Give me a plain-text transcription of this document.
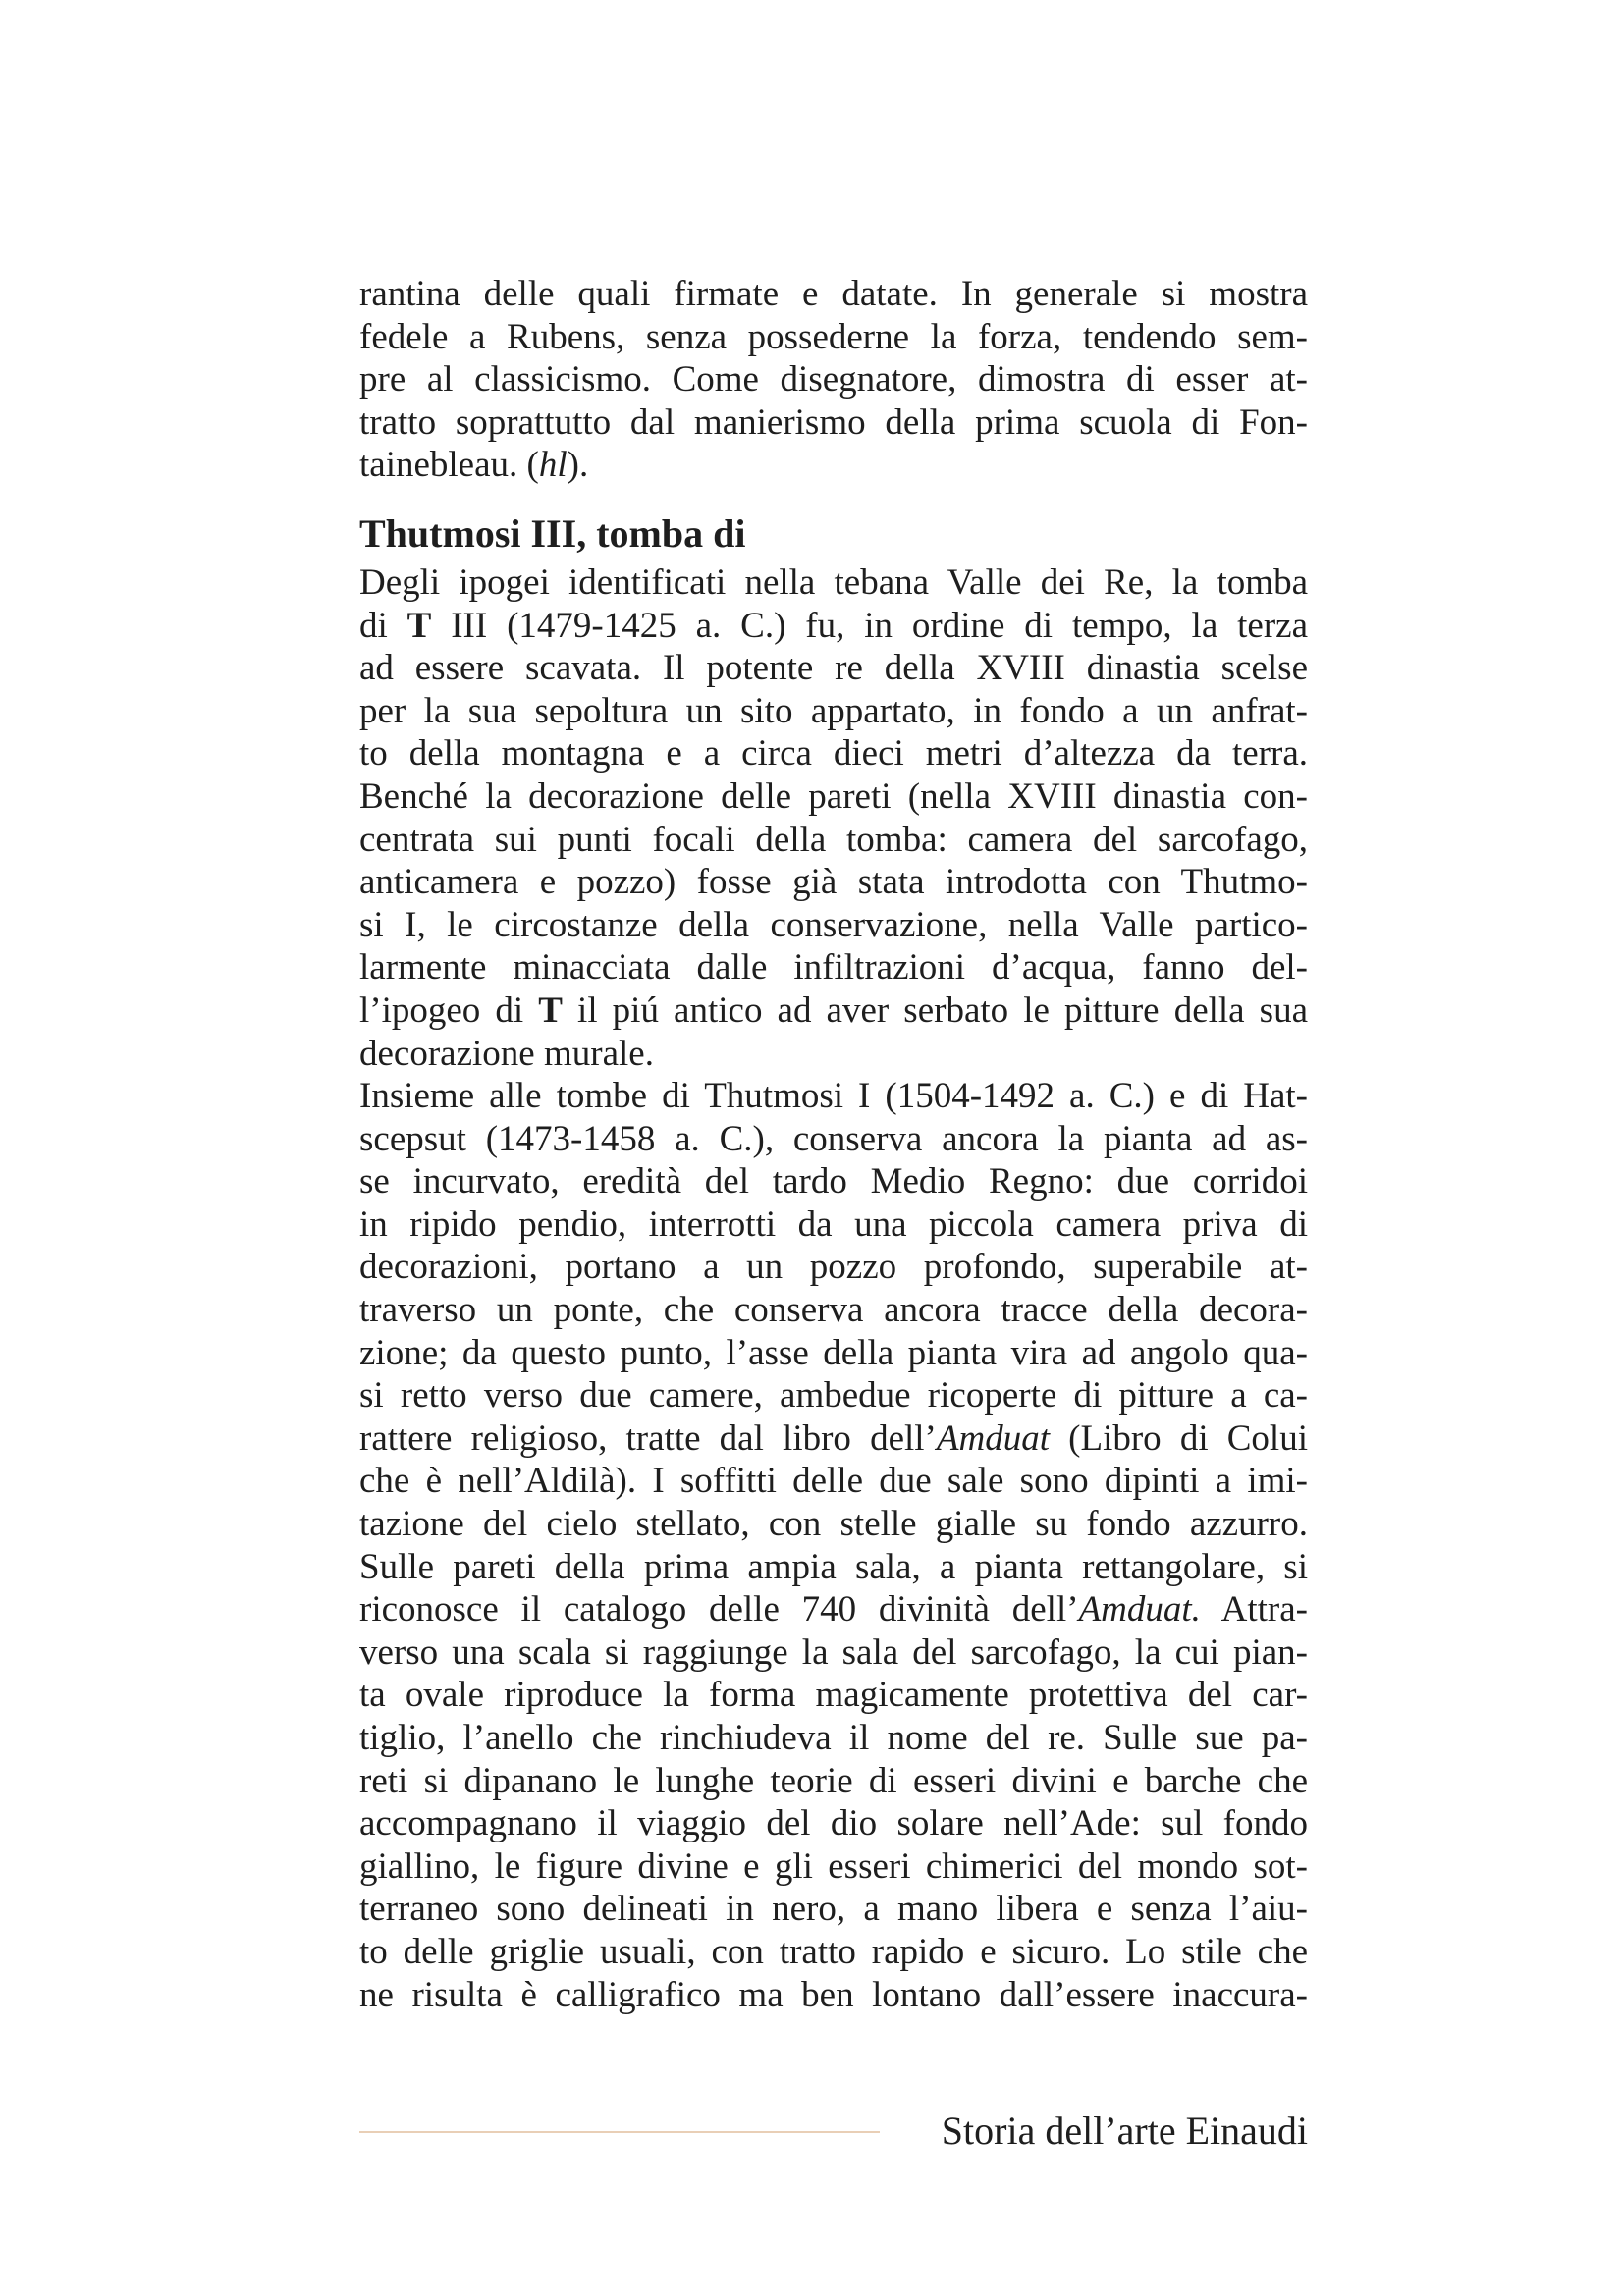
rantina delle quali firmate e datate. In generale si mostra
fedele a Rubens, senza possederne la forza, tendendo sem-
pre al classicismo. Come disegnatore, dimostra di esser at-
tratto soprattutto dal manierismo della prima scuola di Fon-
tainebleau. (hl).
Thutmosi III, tomba di
Degli ipogei identificati nella tebana Valle dei Re, la tomba
di T III (1479-1425 a. C.) fu, in ordine di tempo, la terza
ad essere scavata. Il potente re della XVIII dinastia scelse
per la sua sepoltura un sito appartato, in fondo a un anfrat-
to della montagna e a circa dieci metri d’altezza da terra.
Benché la decorazione delle pareti (nella XVIII dinastia con-
centrata sui punti focali della tomba: camera del sarcofago,
anticamera e pozzo) fosse già stata introdotta con Thutmo-
si I, le circostanze della conservazione, nella Valle partico-
larmente minacciata dalle infiltrazioni d’acqua, fanno del-
l’ipogeo di T il piú antico ad aver serbato le pitture della sua
decorazione murale.
Insieme alle tombe di Thutmosi I (1504-1492 a. C.) e di Hat-
scepsut (1473-1458 a. C.), conserva ancora la pianta ad as-
se incurvato, eredità del tardo Medio Regno: due corridoi
in ripido pendio, interrotti da una piccola camera priva di
decorazioni, portano a un pozzo profondo, superabile at-
traverso un ponte, che conserva ancora tracce della decora-
zione; da questo punto, l’asse della pianta vira ad angolo qua-
si retto verso due camere, ambedue ricoperte di pitture a ca-
rattere religioso, tratte dal libro dell’Amduat (Libro di Colui
che è nell’Aldilà). I soffitti delle due sale sono dipinti a imi-
tazione del cielo stellato, con stelle gialle su fondo azzurro.
Sulle pareti della prima ampia sala, a pianta rettangolare, si
riconosce il catalogo delle 740 divinità dell’Amduat. Attra-
verso una scala si raggiunge la sala del sarcofago, la cui pian-
ta ovale riproduce la forma magicamente protettiva del car-
tiglio, l’anello che rinchiudeva il nome del re. Sulle sue pa-
reti si dipanano le lunghe teorie di esseri divini e barche che
accompagnano il viaggio del dio solare nell’Ade: sul fondo
giallino, le figure divine e gli esseri chimerici del mondo sot-
terraneo sono delineati in nero, a mano libera e senza l’aiu-
to delle griglie usuali, con tratto rapido e sicuro. Lo stile che
ne risulta è calligrafico ma ben lontano dall’essere inaccura-
Storia dell’arte Einaudi
